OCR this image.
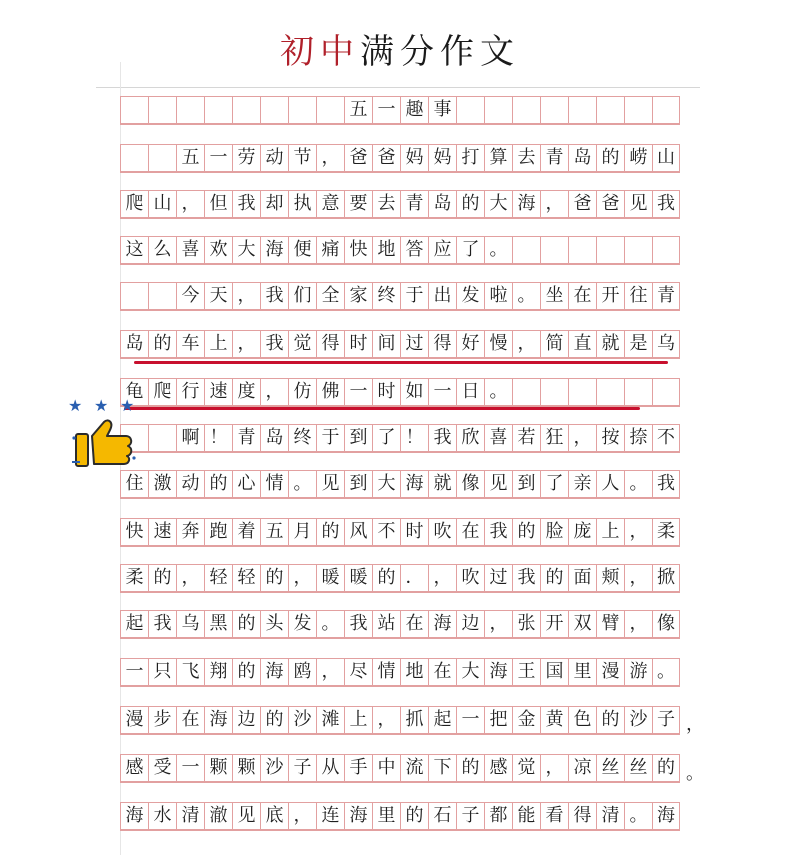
初中满分作文
五 一 趣 事
五 一 劳 动 节 ， 爸 爸 妈 妈 打 算 去 青 岛 的 崂 山
爬 山 ， 但 我 却 执 意 要 去 青 岛 的 大 海 ， 爸 爸 见 我
这 么 喜 欢 大 海 便 痛 快 地 答 应 了 。
今 天 ， 我 们 全 家 终 于 出 发 啦 。 坐 在 开 往 青
岛 的 车 上 ， 我 觉 得 时 间 过 得 好 慢 ， 简 直 就 是 乌
龟 爬 行 速 度 ， 仿 佛 一 时 如 一 日 。
啊 ！ 青 岛 终 于 到 了 ！ 我 欣 喜 若 狂 ， 按 捺 不
住 激 动 的 心 情 。 见 到 大 海 就 像 见 到 了 亲 人 。 我
快 速 奔 跑 着 五 月 的 风 不 时 吹 在 我 的 脸 庞 上 ， 柔
柔 的 ， 轻 轻 的 ， 暖 暖 的 ． ， 吹 过 我 的 面 颊 ， 掀
起 我 乌 黑 的 头 发 。 我 站 在 海 边 ， 张 开 双 臂 ， 像
一 只 飞 翔 的 海 鸥 ， 尽 情 地 在 大 海 王 国 里 漫 游 。
漫 步 在 海 边 的 沙 滩 上 ， 抓 起 一 把 金 黄 色 的 沙 子
感 受 一 颗 颗 沙 子 从 手 中 流 下 的 感 觉 ， 凉 丝 丝 的
海 水 清 澈 见 底 ， 连 海 里 的 石 子 都 能 看 得 清 。 海
，
。
★ ★ ★
